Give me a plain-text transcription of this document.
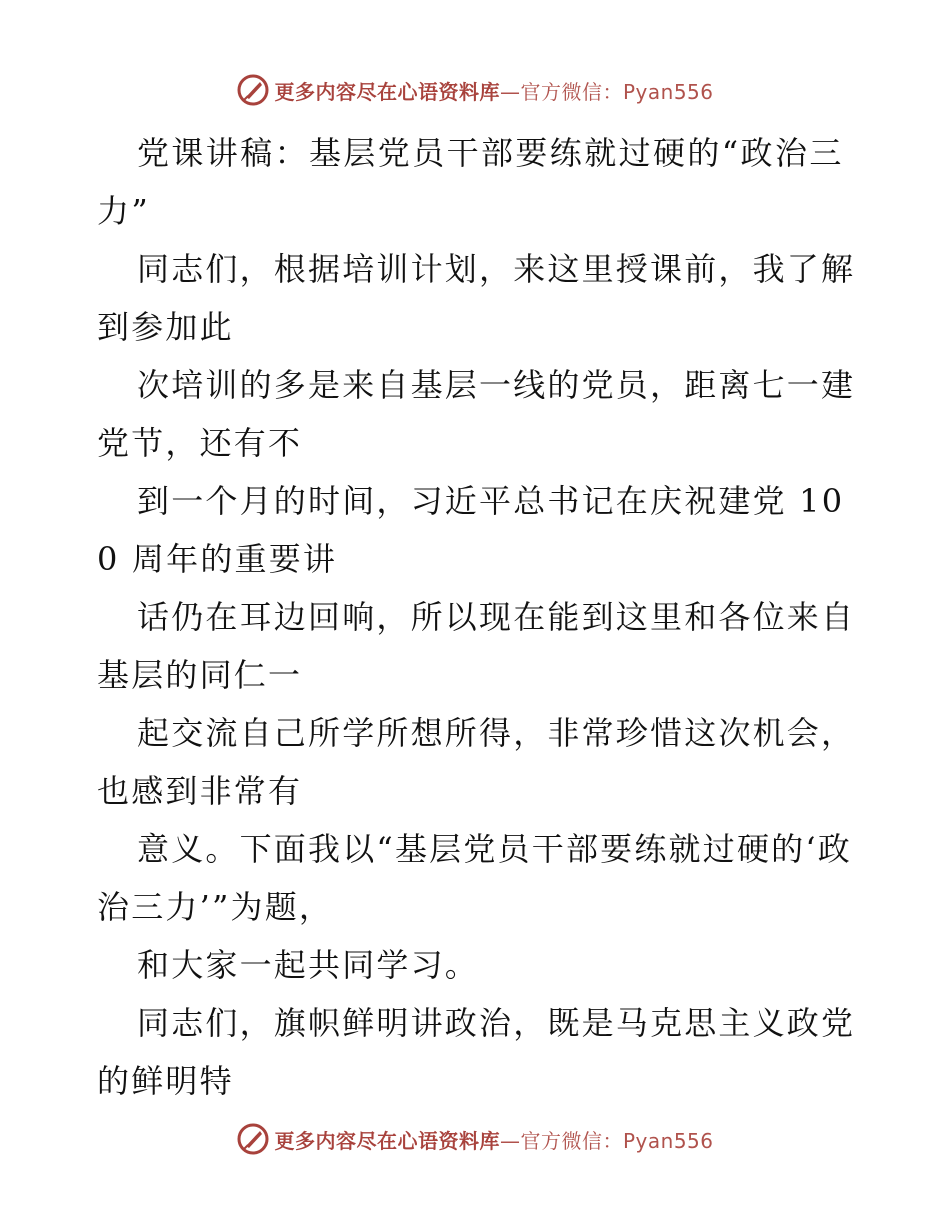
更多内容尽在心语资料库—官方微信：Pyan556

党课讲稿：基层党员干部要练就过硬的“政治三力”

同志们，根据培训计划，来这里授课前，我了解到参加此

次培训的多是来自基层一线的党员，距离七一建党节，还有不

到一个月的时间，习近平总书记在庆祝建党 100 周年的重要讲

话仍在耳边回响，所以现在能到这里和各位来自基层的同仁一

起交流自己所学所想所得，非常珍惜这次机会，也感到非常有

意义。下面我以“基层党员干部要练就过硬的‘政治三力’”为题，

和大家一起共同学习。

同志们，旗帜鲜明讲政治，既是马克思主义政党的鲜明特

更多内容尽在心语资料库—官方微信：Pyan556
